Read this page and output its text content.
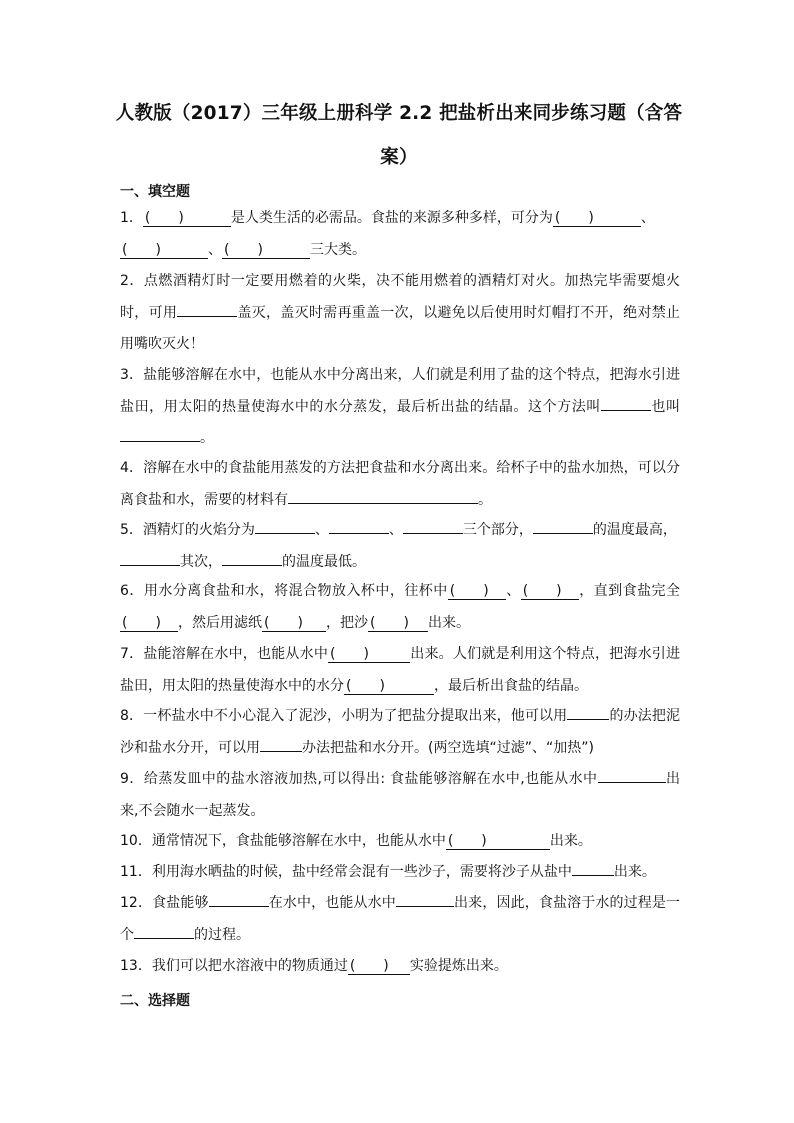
人教版（2017）三年级上册科学 2.2 把盐析出来同步练习题（含答案）
一、填空题
1． (　　)	是人类生活的必需品。食盐的来源多种多样，可分为 (　　)	、
(　　)	、 (　　)	三大类。
2．点燃酒精灯时一定要用燃着的火柴，决不能用燃着的酒精灯对火。加热完毕需要熄火时，可用	盖灭，盖灭时需再重盖一次，以避免以后使用时灯帽打不开，绝对禁止用嘴吹灭火！
3．盐能够溶解在水中，也能从水中分离出来，人们就是利用了盐的这个特点，把海水引进盐田，用太阳的热量使海水中的水分蒸发，最后析出盐的结晶。这个方法叫	也叫。
4．溶解在水中的食盐能用蒸发的方法把食盐和水分离出来。给杯子中的盐水加热，可以分离食盐和水，需要的材料有	。
5．酒精灯的火焰分为	、	、	三个部分，	的温度最高，
其次，	的温度最低。
6．用水分离食盐和水，将混合物放入杯中，往杯中 (　　) 、 (　　) ，直到食盐完全(　　) ，然后用滤纸 (　　) ，把沙 (　　) 出来。
7．盐能溶解在水中，也能从水中 (　　)	出来。人们就是利用这个特点，把海水引进盐田，用太阳的热量使海水中的水分 (　　)	，最后析出食盐的结晶。
8．一杯盐水中不小心混入了泥沙，小明为了把盐分提取出来，他可以用	的办法把泥沙和盐水分开，可以用	办法把盐和水分开。(两空选填“过滤”、“加热”)
9．给蒸发皿中的盐水溶液加热,可以得出: 食盐能够溶解在水中,也能从水中	出来,不会随水一起蒸发。
10．通常情况下，食盐能够溶解在水中，也能从水中 (　　)	出来。
11．利用海水晒盐的时候，盐中经常会混有一些沙子，需要将沙子从盐中	出来。
12．食盐能够	在水中，也能从水中	出来，因此，食盐溶于水的过程是一个	的过程。
13．我们可以把水溶液中的物质通过 (　　) 实验提炼出来。
二、选择题
